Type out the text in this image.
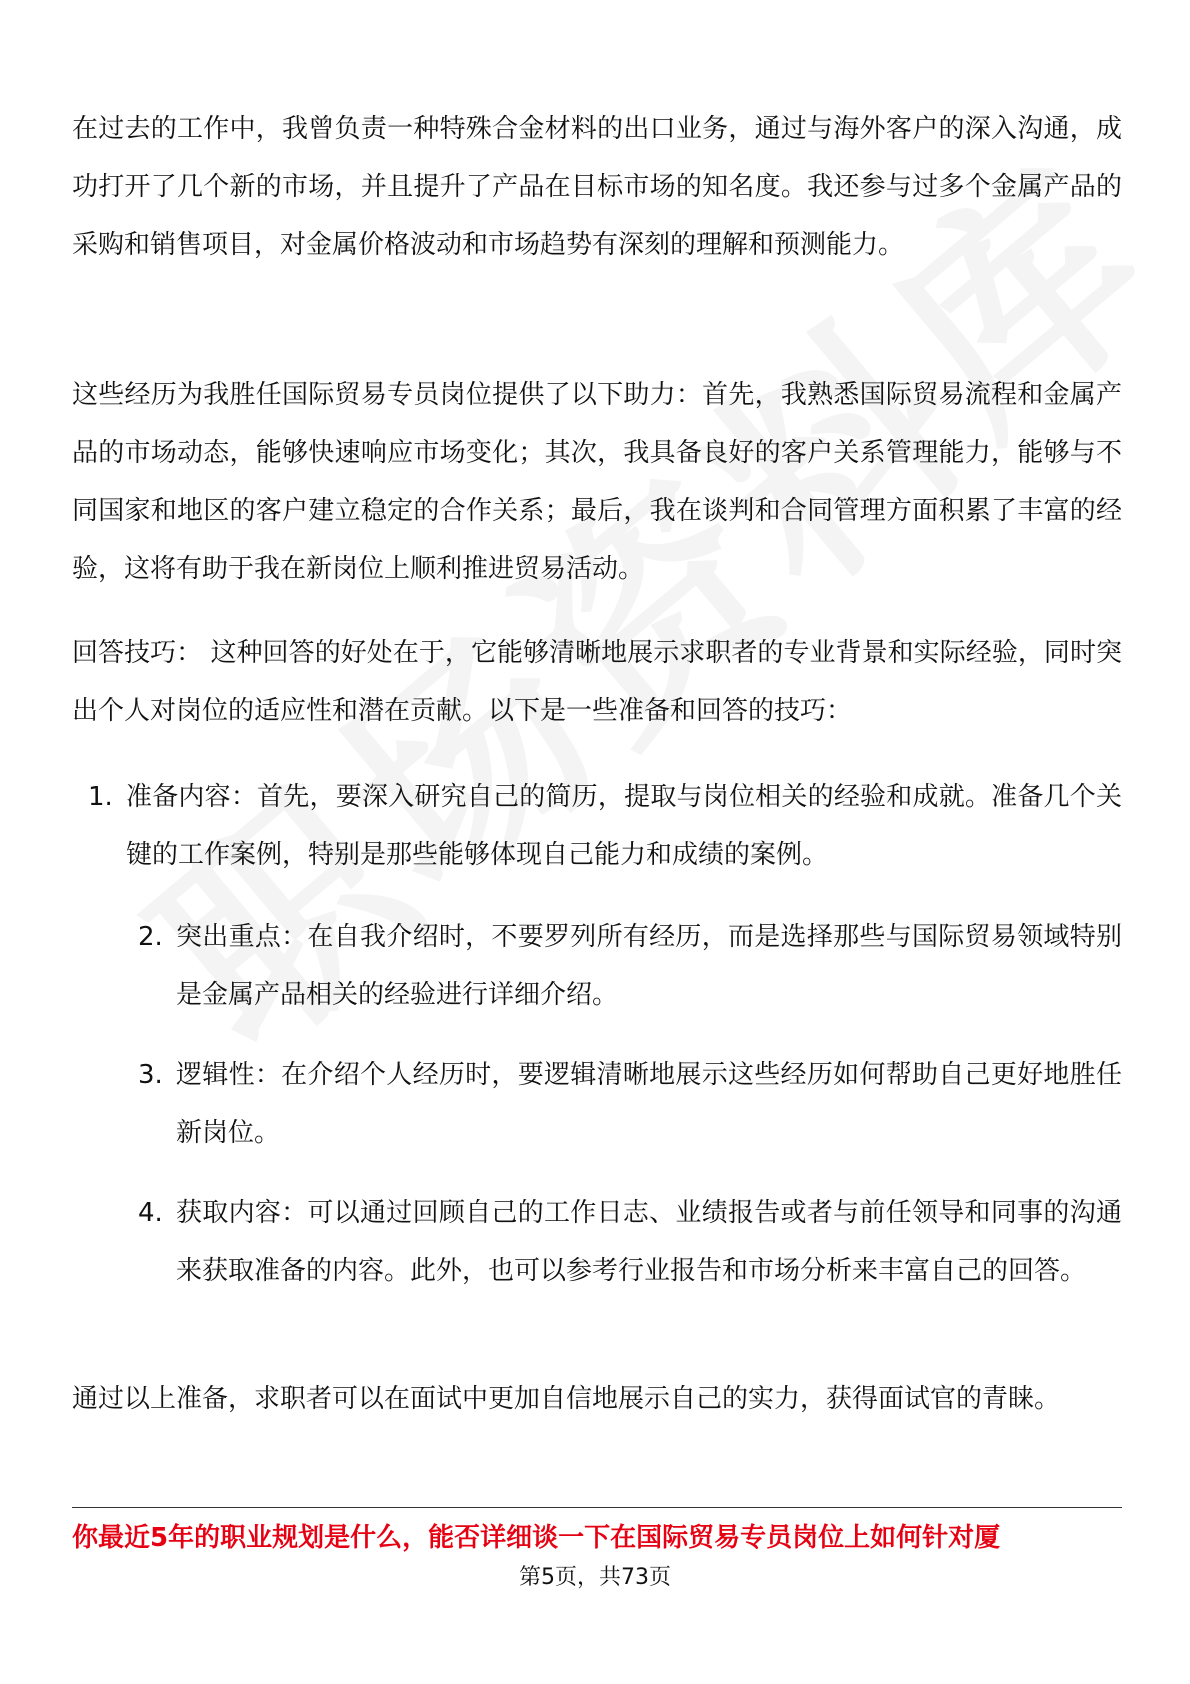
在过去的工作中，我曾负责一种特殊合金材料的出口业务，通过与海外客户的深入沟通，成功打开了几个新的市场，并且提升了产品在目标市场的知名度。我还参与过多个金属产品的采购和销售项目，对金属价格波动和市场趋势有深刻的理解和预测能力。

这些经历为我胜任国际贸易专员岗位提供了以下助力：首先，我熟悉国际贸易流程和金属产品的市场动态，能够快速响应市场变化；其次，我具备良好的客户关系管理能力，能够与不同国家和地区的客户建立稳定的合作关系；最后，我在谈判和合同管理方面积累了丰富的经验，这将有助于我在新岗位上顺利推进贸易活动。

回答技巧： 这种回答的好处在于，它能够清晰地展示求职者的专业背景和实际经验，同时突出个人对岗位的适应性和潜在贡献。以下是一些准备和回答的技巧：

1. 准备内容：首先，要深入研究自己的简历，提取与岗位相关的经验和成就。准备几个关键的工作案例，特别是那些能够体现自己能力和成绩的案例。
2. 突出重点：在自我介绍时，不要罗列所有经历，而是选择那些与国际贸易领域特别是金属产品相关的经验进行详细介绍。
3. 逻辑性：在介绍个人经历时，要逻辑清晰地展示这些经历如何帮助自己更好地胜任新岗位。
4. 获取内容：可以通过回顾自己的工作日志、业绩报告或者与前任领导和同事的沟通来获取准备的内容。此外，也可以参考行业报告和市场分析来丰富自己的回答。

通过以上准备，求职者可以在面试中更加自信地展示自己的实力，获得面试官的青睐。

你最近5年的职业规划是什么，能否详细谈一下在国际贸易专员岗位上如何针对厦
第5页，共73页
